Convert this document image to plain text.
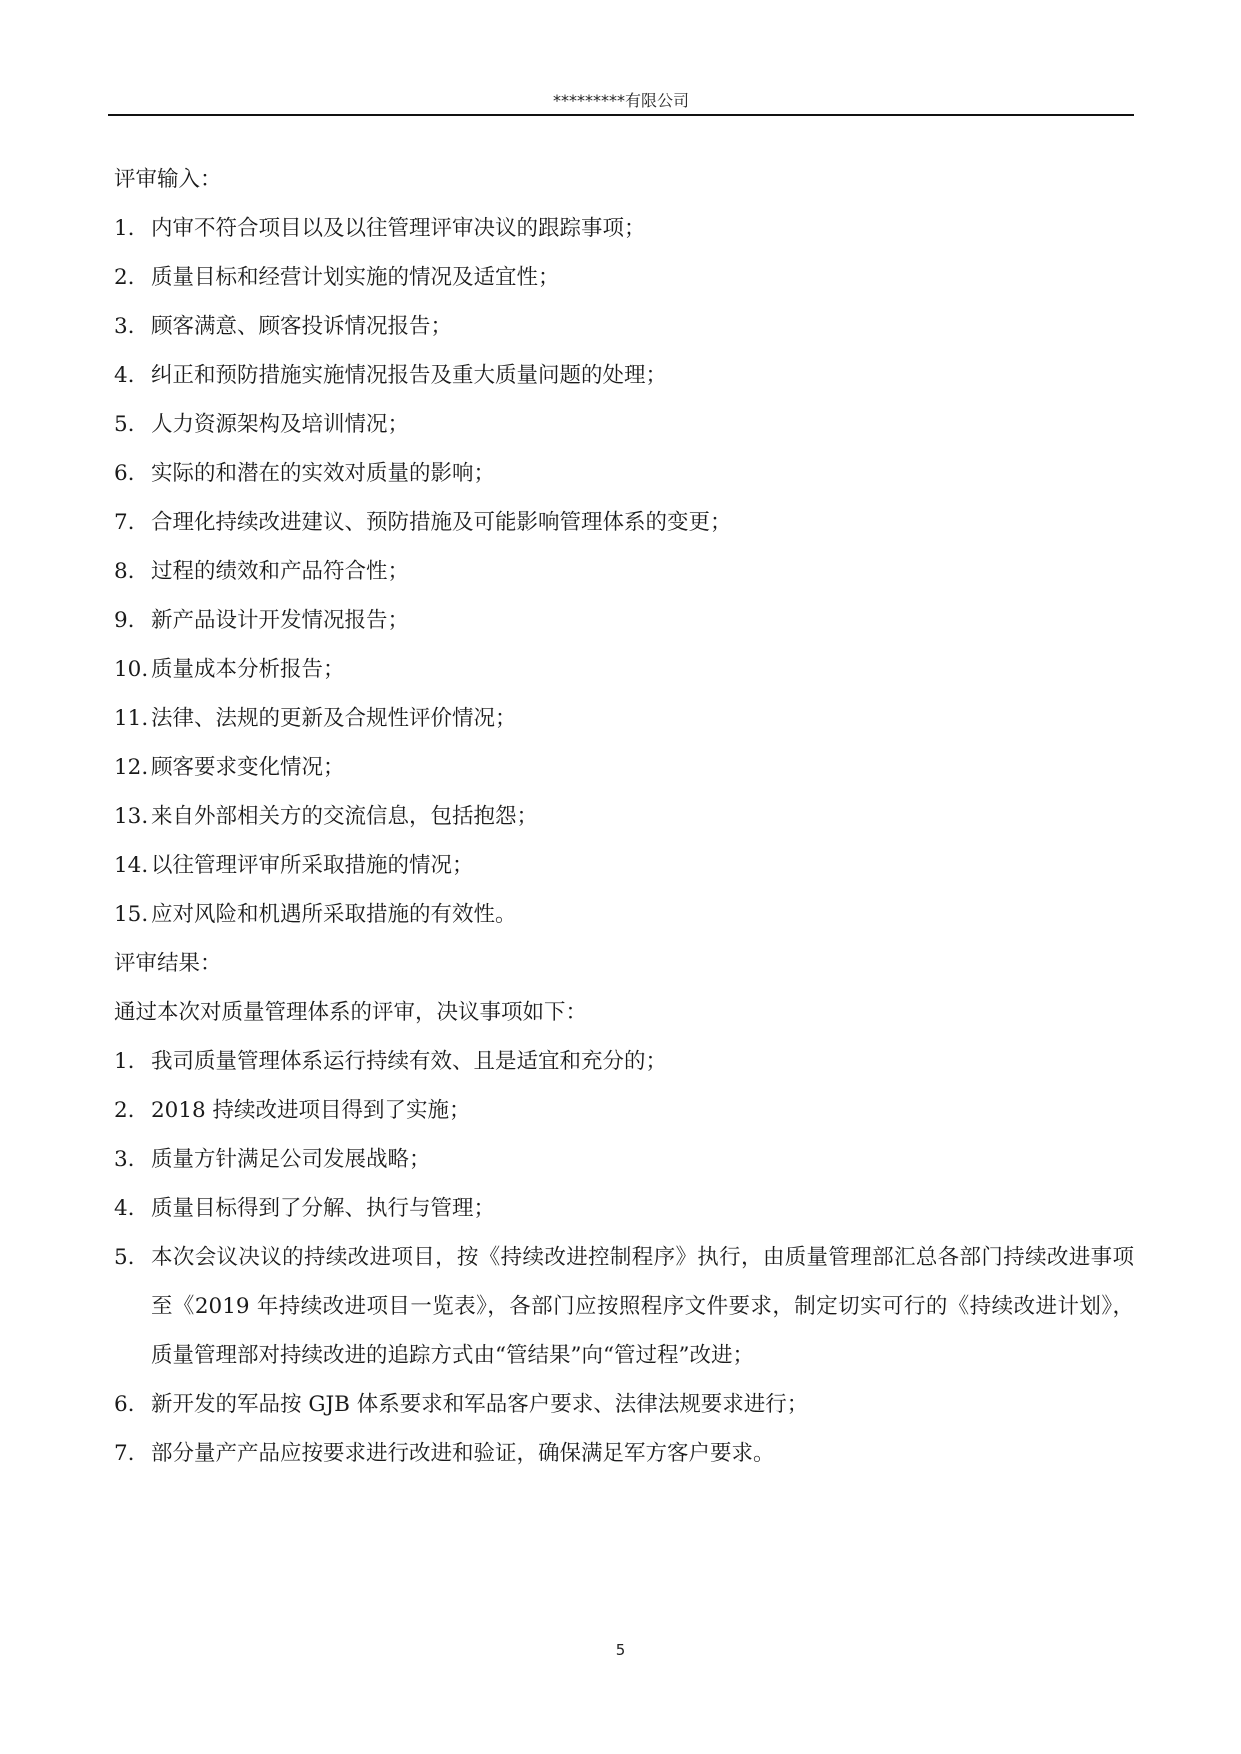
*********有限公司
评审输入：
1. 内审不符合项目以及以往管理评审决议的跟踪事项；
2. 质量目标和经营计划实施的情况及适宜性；
3. 顾客满意、顾客投诉情况报告；
4. 纠正和预防措施实施情况报告及重大质量问题的处理；
5. 人力资源架构及培训情况；
6. 实际的和潜在的实效对质量的影响；
7. 合理化持续改进建议、预防措施及可能影响管理体系的变更；
8. 过程的绩效和产品符合性；
9. 新产品设计开发情况报告；
10. 质量成本分析报告；
11. 法律、法规的更新及合规性评价情况；
12. 顾客要求变化情况；
13. 来自外部相关方的交流信息，包括抱怨；
14. 以往管理评审所采取措施的情况；
15. 应对风险和机遇所采取措施的有效性。
评审结果：
通过本次对质量管理体系的评审，决议事项如下：
1. 我司质量管理体系运行持续有效、且是适宜和充分的；
2. 2018 持续改进项目得到了实施；
3. 质量方针满足公司发展战略；
4. 质量目标得到了分解、执行与管理；
5. 本次会议决议的持续改进项目，按《持续改进控制程序》执行，由质量管理部汇总各部门持续改进事项至《2019 年持续改进项目一览表》，各部门应按照程序文件要求，制定切实可行的《持续改进计划》，质量管理部对持续改进的追踪方式由“管结果”向“管过程”改进；
6. 新开发的军品按 GJB 体系要求和军品客户要求、法律法规要求进行；
7. 部分量产产品应按要求进行改进和验证，确保满足军方客户要求。
5
